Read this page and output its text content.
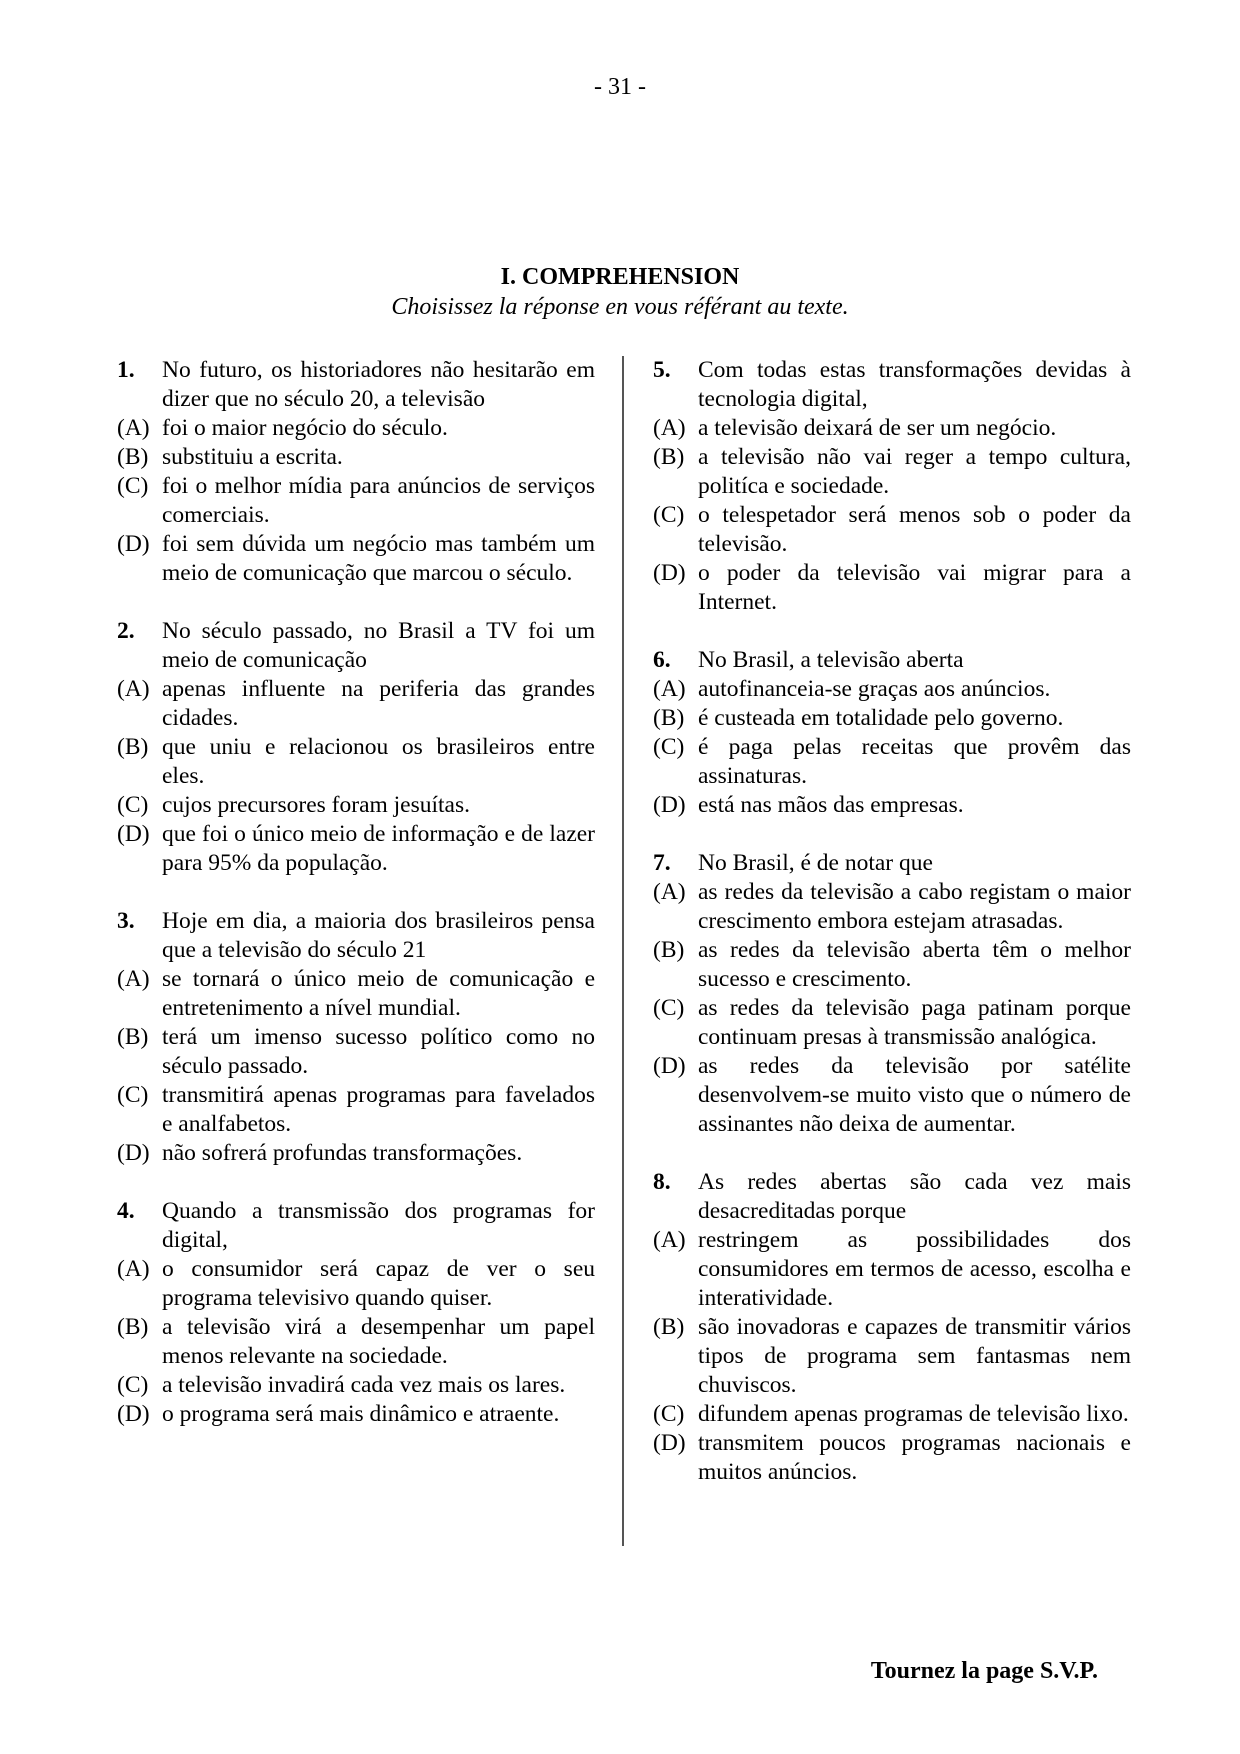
- 31 -
I. COMPREHENSION
Choisissez la réponse en vous référant au texte.
1.	No futuro, os historiadores não hesitarão em dizer que no século 20, a televisão
(A) foi o maior negócio do século.
(B) substituiu a escrita.
(C) foi o melhor mídia para anúncios de serviços comerciais.
(D) foi sem dúvida um negócio mas também um meio de comunicação que marcou o século.
2.	No século passado, no Brasil a TV foi um meio de comunicação
(A) apenas influente na periferia das grandes cidades.
(B) que uniu e relacionou os brasileiros entre eles.
(C) cujos precursores foram jesuítas.
(D) que foi o único meio de informação e de lazer para 95% da população.
3.	Hoje em dia, a maioria dos brasileiros pensa que a televisão do século 21
(A) se tornará o único meio de comunicação e entretenimento a nível mundial.
(B) terá um imenso sucesso político como no século passado.
(C) transmitirá apenas programas para favelados e analfabetos.
(D) não sofrerá profundas transformações.
4.	Quando a transmissão dos programas for digital,
(A) o consumidor será capaz de ver o seu programa televisivo quando quiser.
(B) a televisão virá a desempenhar um papel menos relevante na sociedade.
(C) a televisão invadirá cada vez mais os lares.
(D) o programa será mais dinâmico e atraente.
5.	Com todas estas transformações devidas à tecnologia digital,
(A) a televisão deixará de ser um negócio.
(B) a televisão não vai reger a tempo cultura, politíca e sociedade.
(C) o telespetador será menos sob o poder da televisão.
(D) o poder da televisão vai migrar para a Internet.
6.	No Brasil, a televisão aberta
(A) autofinanceia-se graças aos anúncios.
(B) é custeada em totalidade pelo governo.
(C) é paga pelas receitas que provêm das assinaturas.
(D) está nas mãos das empresas.
7.	No Brasil, é de notar que
(A) as redes da televisão a cabo registam o maior crescimento embora estejam atrasadas.
(B) as redes da televisão aberta têm o melhor sucesso e crescimento.
(C) as redes da televisão paga patinam porque continuam presas à transmissão analógica.
(D) as redes da televisão por satélite desenvolvem-se muito visto que o número de assinantes não deixa de aumentar.
8.	As redes abertas são cada vez mais desacreditadas porque
(A) restringem as possibilidades dos consumidores em termos de acesso, escolha e interatividade.
(B) são inovadoras e capazes de transmitir vários tipos de programa sem fantasmas nem chuviscos.
(C) difundem apenas programas de televisão lixo.
(D) transmitem poucos programas nacionais e muitos anúncios.
Tournez la page S.V.P.
